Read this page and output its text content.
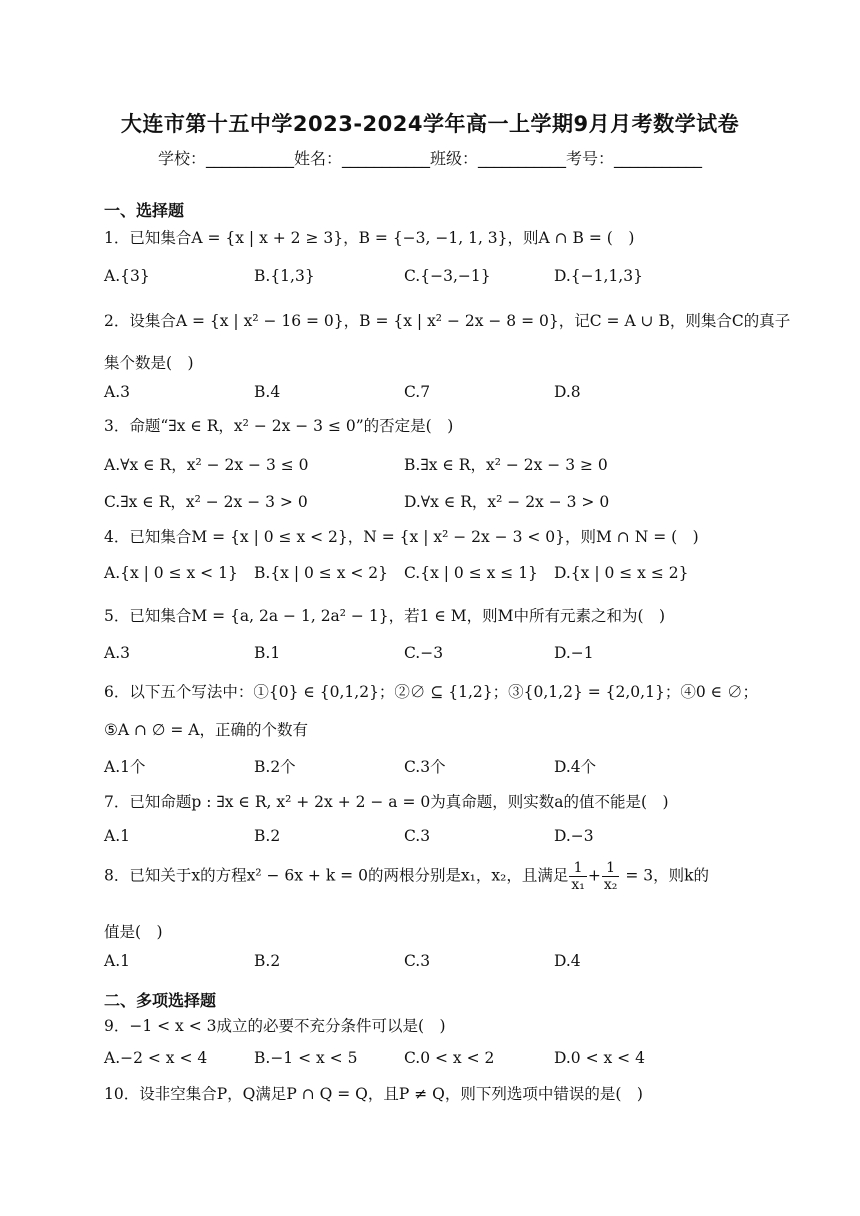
大连市第十五中学2023-2024学年高一上学期9月月考数学试卷
学校：___________姓名：___________班级：___________考号：___________
一、选择题
1．已知集合A = {x | x + 2 ≥ 3}，B = {−3, −1, 1, 3}，则A ∩ B = (　)
A.{3}	B.{1,3}	C.{−3,−1}	D.{−1,1,3}
2．设集合A = {x | x² − 16 = 0}，B = {x | x² − 2x − 8 = 0}，记C = A ∪ B，则集合C的真子
集个数是(　)
A.3	B.4	C.7	D.8
3．命题“∃x ∈ R，x² − 2x − 3 ≤ 0”的否定是(　)
A.∀x ∈ R，x² − 2x − 3 ≤ 0	B.∃x ∈ R，x² − 2x − 3 ≥ 0
C.∃x ∈ R，x² − 2x − 3 > 0	D.∀x ∈ R，x² − 2x − 3 > 0
4．已知集合M = {x | 0 ≤ x < 2}，N = {x | x² − 2x − 3 < 0}，则M ∩ N = (　)
A.{x | 0 ≤ x < 1} B.{x | 0 ≤ x < 2} C.{x | 0 ≤ x ≤ 1} D.{x | 0 ≤ x ≤ 2}
5．已知集合M = {a, 2a − 1, 2a² − 1}，若1 ∈ M，则M中所有元素之和为(　)
A.3	B.1	C.−3	D.−1
6．以下五个写法中：①{0} ∈ {0,1,2}；②∅ ⊆ {1,2}；③{0,1,2} = {2,0,1}；④0 ∈ ∅；
⑤A ∩ ∅ = A，正确的个数有
A.1个	B.2个	C.3个	D.4个
7．已知命题p : ∃x ∈ R, x² + 2x + 2 − a = 0为真命题，则实数a的值不能是(　)
A.1	B.2	C.3	D.−3
8．已知关于x的方程x² − 6x + k = 0的两根分别是x₁，x₂，且满足 $\frac{1}{\text{x₁}} + \frac{1}{\text{x₂}} = 3$，则k的
值是(　)
A.1	B.2	C.3	D.4
二、多项选择题
9．−1 < x < 3成立的必要不充分条件可以是(　)
A.−2 < x < 4	B.−1 < x < 5	C.0 < x < 2	D.0 < x < 4
10．设非空集合P，Q满足P ∩ Q = Q，且P ≠ Q，则下列选项中错误的是(　)
